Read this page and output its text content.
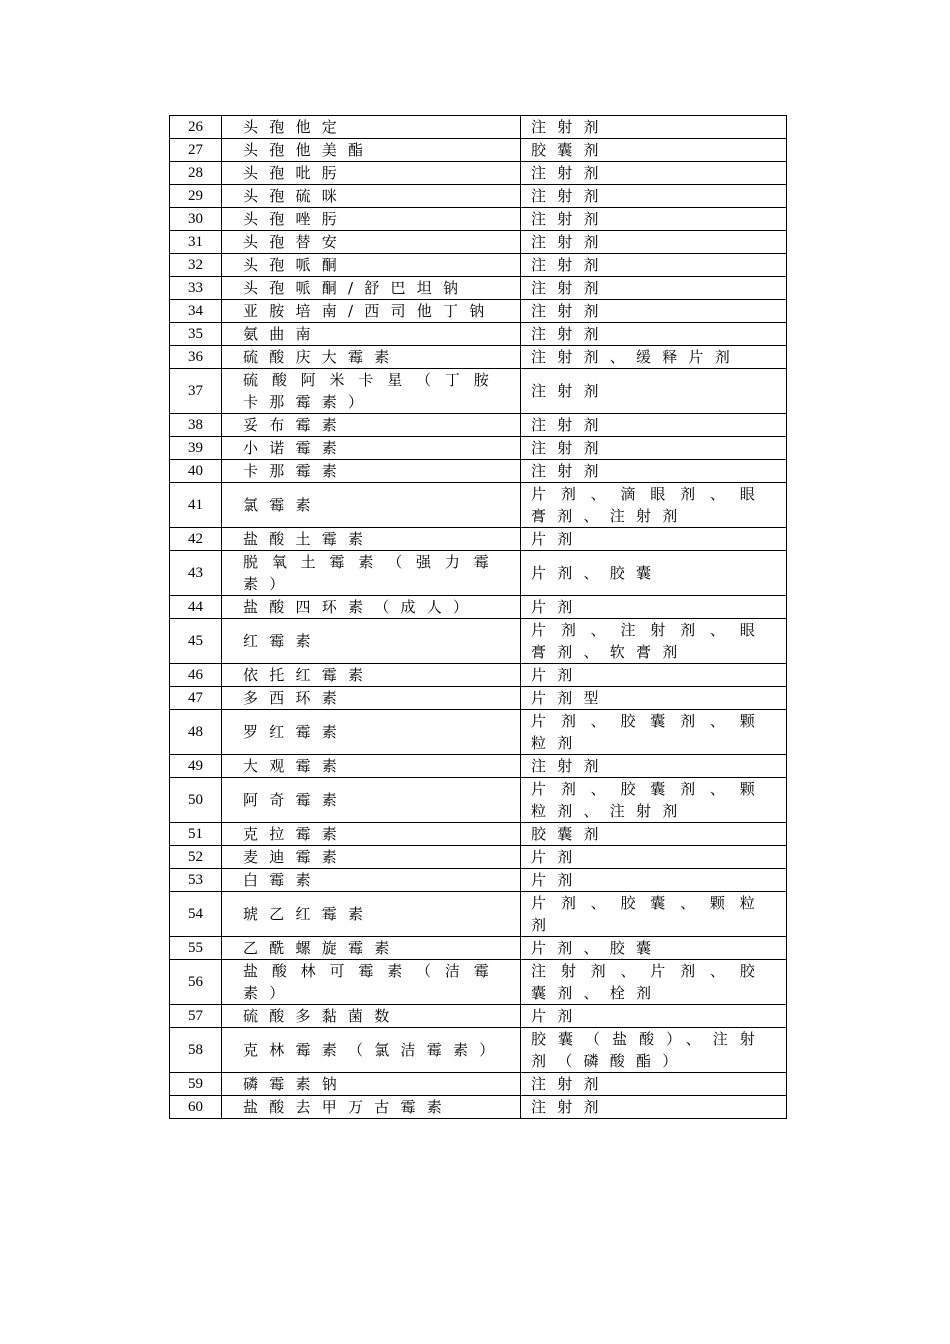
26	头孢他定	注射剂
27	头孢他美酯	胶囊剂
28	头孢吡肟	注射剂
29	头孢硫咪	注射剂
30	头孢唑肟	注射剂
31	头孢替安	注射剂
32	头孢哌酮	注射剂
33	头孢哌酮/舒巴坦钠	注射剂
34	亚胺培南/西司他丁钠	注射剂
35	氨曲南	注射剂
36	硫酸庆大霉素	注射剂、缓释片剂
37	硫酸阿米卡星（丁胺卡那霉素）	注射剂
38	妥布霉素	注射剂
39	小诺霉素	注射剂
40	卡那霉素	注射剂
41	氯霉素	片剂、滴眼剂、眼膏剂、注射剂
42	盐酸土霉素	片剂
43	脱氧土霉素（强力霉素）	片剂、胶囊
44	盐酸四环素（成人）	片剂
45	红霉素	片剂、注射剂、眼膏剂、软膏剂
46	依托红霉素	片剂
47	多西环素	片剂型
48	罗红霉素	片剂、胶囊剂、颗粒剂
49	大观霉素	注射剂
50	阿奇霉素	片剂、胶囊剂、颗粒剂、注射剂
51	克拉霉素	胶囊剂
52	麦迪霉素	片剂
53	白霉素	片剂
54	琥乙红霉素	片剂、胶囊、颗粒剂
55	乙酰螺旋霉素	片剂、胶囊
56	盐酸林可霉素（洁霉素）	注射剂、片剂、胶囊剂、栓剂
57	硫酸多黏菌数	片剂
58	克林霉素（氯洁霉素）	胶囊（盐酸）、注射剂（磷酸酯）
59	磷霉素钠	注射剂
60	盐酸去甲万古霉素	注射剂
